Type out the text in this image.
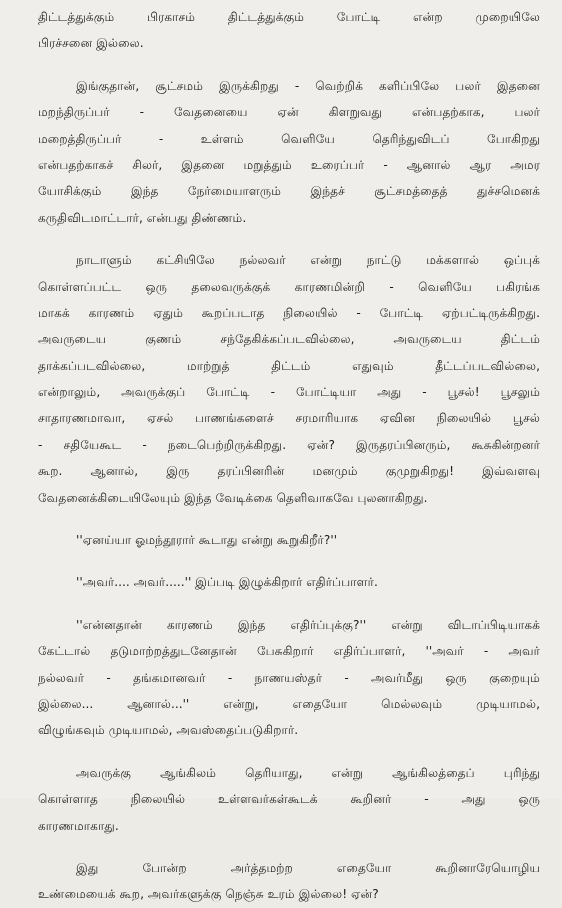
திட்டத்துக்கும் பிரகாசம் திட்டத்துக்கும் போட்டி என்ற முறையிலே
பிரச்சனை இல்லை.
இங்குதான், சூட்சமம் இருக்கிறது - வெற்றிக் களிப்பிலே பலர் இதனை
மறந்திருப்பர் - வேதனையை ஏன் கிளறுவது என்பதற்காக, பலர்
மறைத்திருப்பர் - உள்ளம் வெளியே தெரிந்துவிடப் போகிறது
என்பதற்காகச் சிலர், இதனை மறுத்தும் உரைப்பர் - ஆனால் ஆர அமர
யோசிக்கும் இந்த நேர்மையாளரும் இந்தச் சூட்சமத்தைத் துச்சமெனக்
கருதிவிடமாட்டார், என்பது திண்ணம்.
நாடாளும் கட்சியிலே நல்லவர் என்று நாட்டு மக்களால் ஒப்புக்
கொள்ளப்பட்ட ஒரு தலைவருக்குக் காரணமின்றி - வெளியே பகிரங்க
மாகக் காரணம் ஏதும் கூறப்படாத நிலையில் - போட்டி ஏற்பட்டிருக்கிறது.
அவருடைய குணம் சந்தேகிக்கப்படவில்லை, அவருடைய திட்டம்
தாக்கப்படவில்லை, மாற்றுத் திட்டம் எதுவும் தீட்டப்படவில்லை,
என்றாலும், அவருக்குப் போட்டி - போட்டியா அது - பூசல்! பூசலும்
சாதாரணமாவா, ஏசல் பாணங்களைச் சரமாரியாக ஏவின நிலையில் பூசல்
- சதியேகூட - நடைபெற்றிருக்கிறது. ஏன்? இருதரப்பினரும், கூசுகின்றனர்
கூற. ஆனால், இரு தரப்பினரின் மனமும் குமுறுகிறது! இவ்வளவு
வேதனைக்கிடையிலேயும் இந்த வேடிக்கை தெளிவாகவே புலனாகிறது.
''ஏனய்யா ஓமந்தூரார் கூடாது என்று கூறுகிறீர்?''
''அவர்.... அவர்.....'' இப்படி இழுக்கிறார் எதிர்ப்பாளர்.
''என்னதான் காரணம் இந்த எதிர்ப்புக்கு?'' என்று விடாப்பிடியாகக்
கேட்டால் தடுமாற்றத்துடனேதான் பேசுகிறார் எதிர்ப்பாளர், ''அவர் - அவர்
நல்லவர் - தங்கமானவர் - நாணயஸ்தர் - அவர்மீது ஒரு குறையும்
இல்லை... ஆனால்...'' என்று, எதையோ மெல்லவும் முடியாமல்,
விழுங்கவும் முடியாமல், அவஸ்தைப்படுகிறார்.
அவருக்கு ஆங்கிலம் தெரியாது, என்று ஆங்கிலத்தைப் புரிந்து
கொள்ளாத நிலையில் உள்ளவர்கள்கூடக் கூறினர் - அது ஒரு
காரணமாகாது.
இது போன்ற அர்த்தமற்ற எதையோ கூறினாரேயொழிய
உண்மையைக் கூற, அவர்களுக்கு நெஞ்சு உரம் இல்லை! ஏன்?
